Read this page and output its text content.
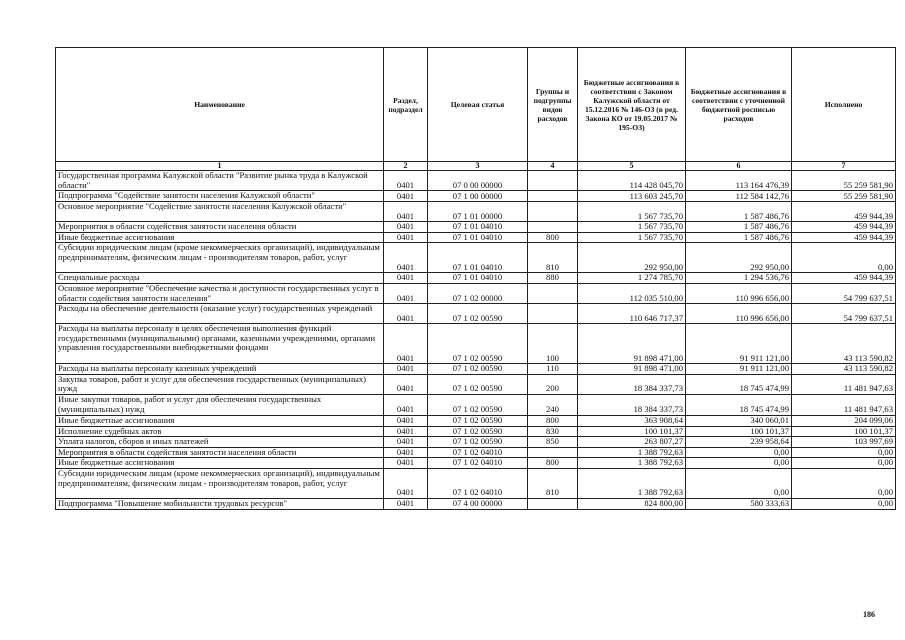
Наименование	Раздел, подраздел	Целевая статья	Группы и подгруппы видов расходов	Бюджетные ассигнования в соответствии с Законом Калужской области от 15.12.2016 № 146-ОЗ (в ред. Закона КО от 19.05.2017 № 195-ОЗ)	Бюджетные ассигнования в соответствии с уточненной бюджетной росписью расходов	Исполнено
1	2	3	4	5	6	7
Государственная программа Калужской области "Развитие рынка труда в Калужской области"	0401	07 0 00 00000		114 428 045,70	113 164 476,39	55 259 581,90
Подпрограмма "Содействие занятости населения Калужской области"	0401	07 1 00 00000		113 603 245,70	112 584 142,76	55 259 581,90
Основное мероприятие "Содействие занятости населения Калужской области"	0401	07 1 01 00000		1 567 735,70	1 587 486,76	459 944,39
Мероприятия в области содействия занятости населения области	0401	07 1 01 04010		1 567 735,70	1 587 486,76	459 944,39
Иные бюджетные ассигнования	0401	07 1 01 04010	800	1 567 735,70	1 587 486,76	459 944,39
Субсидии юридическим лицам (кроме некоммерческих организаций), индивидуальным предпринимателям, физическим лицам - производителям товаров, работ, услуг	0401	07 1 01 04010	810	292 950,00	292 950,00	0,00
Специальные расходы	0401	07 1 01 04010	880	1 274 785,70	1 294 536,76	459 944,39
Основное мероприятие "Обеспечение качества и доступности государственных услуг в области содействия занятости населения"	0401	07 1 02 00000		112 035 510,00	110 996 656,00	54 799 637,51
Расходы на обеспечение деятельности (оказание услуг) государственных учреждений	0401	07 1 02 00590		110 646 717,37	110 996 656,00	54 799 637,51
Расходы на выплаты персоналу в целях обеспечения выполнения функций государственными (муниципальными) органами, казенными учреждениями, органами управления государственными внебюджетными фондами	0401	07 1 02 00590	100	91 898 471,00	91 911 121,00	43 113 590,82
Расходы на выплаты персоналу казенных учреждений	0401	07 1 02 00590	110	91 898 471,00	91 911 121,00	43 113 590,82
Закупка товаров, работ и услуг для обеспечения государственных (муниципальных) нужд	0401	07 1 02 00590	200	18 384 337,73	18 745 474,99	11 481 947,63
Иные закупки товаров, работ и услуг для обеспечения государственных (муниципальных) нужд	0401	07 1 02 00590	240	18 384 337,73	18 745 474,99	11 481 947,63
Иные бюджетные ассигнования	0401	07 1 02 00590	800	363 908,64	340 060,01	204 099,06
Исполнение судебных актов	0401	07 1 02 00590	830	100 101,37	100 101,37	100 101,37
Уплата налогов, сборов и иных платежей	0401	07 1 02 00590	850	263 807,27	239 958,64	103 997,69
Мероприятия в области содействия занятости населения области	0401	07 1 02 04010		1 388 792,63	0,00	0,00
Иные бюджетные ассигнования	0401	07 1 02 04010	800	1 388 792,63	0,00	0,00
Субсидии юридическим лицам (кроме некоммерческих организаций), индивидуальным предпринимателям, физическим лицам - производителям товаров, работ, услуг	0401	07 1 02 04010	810	1 388 792,63	0,00	0,00
Подпрограмма "Повышение мобильности трудовых ресурсов"	0401	07 4 00 00000		824 800,00	580 333,63	0,00
186
